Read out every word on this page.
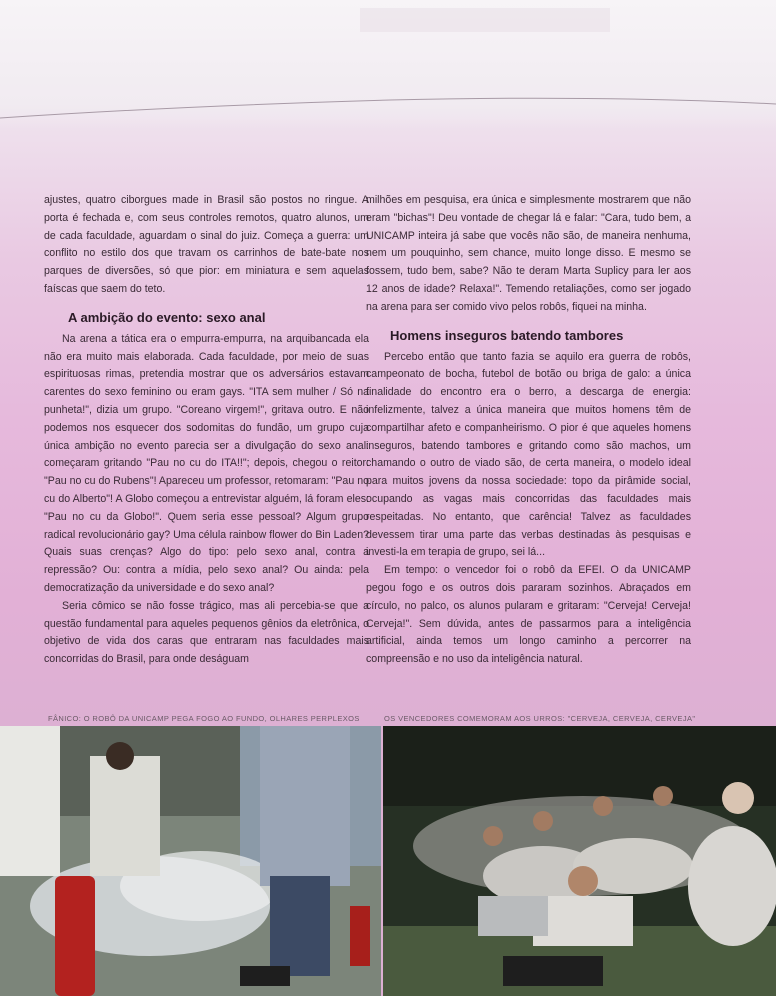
ajustes, quatro ciborgues made in Brasil são postos no ringue. A porta é fechada e, com seus controles remotos, quatro alunos, um de cada faculdade, aguardam o sinal do juiz. Começa a guerra: um conflito no estilo dos que travam os carrinhos de bate-bate nos parques de diversões, só que pior: em miniatura e sem aquelas faíscas que saem do teto.

A ambição do evento: sexo anal

Na arena a tática era o empurra-empurra, na arquibancada ela não era muito mais elaborada. Cada faculdade, por meio de suas espirituosas rimas, pretendia mostrar que os adversários estavam carentes do sexo feminino ou eram gays. "ITA sem mulher / Só na punheta!", dizia um grupo. "Coreano virgem!", gritava outro. E não podemos nos esquecer dos sodomitas do fundão, um grupo cuja única ambição no evento parecia ser a divulgação do sexo anal: começaram gritando "Pau no cu do ITA!!"; depois, chegou o reitor: "Pau no cu do Rubens"! Apareceu um professor, retomaram: "Pau no cu do Alberto"! A Globo começou a entrevistar alguém, lá foram eles: "Pau no cu da Globo!". Quem seria esse pessoal? Algum grupo radical revolucionário gay? Uma célula rainbow flower do Bin Laden? Quais suas crenças? Algo do tipo: pelo sexo anal, contra a repressão? Ou: contra a mídia, pelo sexo anal? Ou ainda: pela democratização da universidade e do sexo anal?

Seria cômico se não fosse trágico, mas ali percebia-se que a questão fundamental para aqueles pequenos gênios da eletrônica, o objetivo de vida dos caras que entraram nas faculdades mais concorridas do Brasil, para onde deságuam

milhões em pesquisa, era única e simplesmente mostrarem que não eram "bichas"! Deu vontade de chegar lá e falar: "Cara, tudo bem, a UNICAMP inteira já sabe que vocês não são, de maneira nenhuma, nem um pouquinho, sem chance, muito longe disso. E mesmo se fossem, tudo bem, sabe? Não te deram Marta Suplicy para ler aos 12 anos de idade? Relaxa!". Temendo retaliações, como ser jogado na arena para ser comido vivo pelos robôs, fiquei na minha.

Homens inseguros batendo tambores

Percebo então que tanto fazia se aquilo era guerra de robôs, campeonato de bocha, futebol de botão ou briga de galo: a única finalidade do encontro era o berro, a descarga de energia: infelizmente, talvez a única maneira que muitos homens têm de compartilhar afeto e companheirismo. O pior é que aqueles homens inseguros, batendo tambores e gritando como são machos, um chamando o outro de viado são, de certa maneira, o modelo ideal para muitos jovens da nossa sociedade: topo da pirâmide social, ocupando as vagas mais concorridas das faculdades mais respeitadas. No entanto, que carência! Talvez as faculdades devessem tirar uma parte das verbas destinadas às pesquisas e investi-la em terapia de grupo, sei lá...

Em tempo: o vencedor foi o robô da EFEI. O da UNICAMP pegou fogo e os outros dois pararam sozinhos. Abraçados em círculo, no palco, os alunos pularam e gritaram: "Cerveja! Cerveja! Cerveja!". Sem dúvida, antes de passarmos para a inteligência artificial, ainda temos um longo caminho a percorrer na compreensão e no uso da inteligência natural.

FÂNICO: O ROBÔ DA UNICAMP PEGA FOGO AO FUNDO, OLHARES PERPLEXOS	OS VENCEDORES COMEMORAM AOS URROS: "CERVEJA, CERVEJA, CERVEJA"
